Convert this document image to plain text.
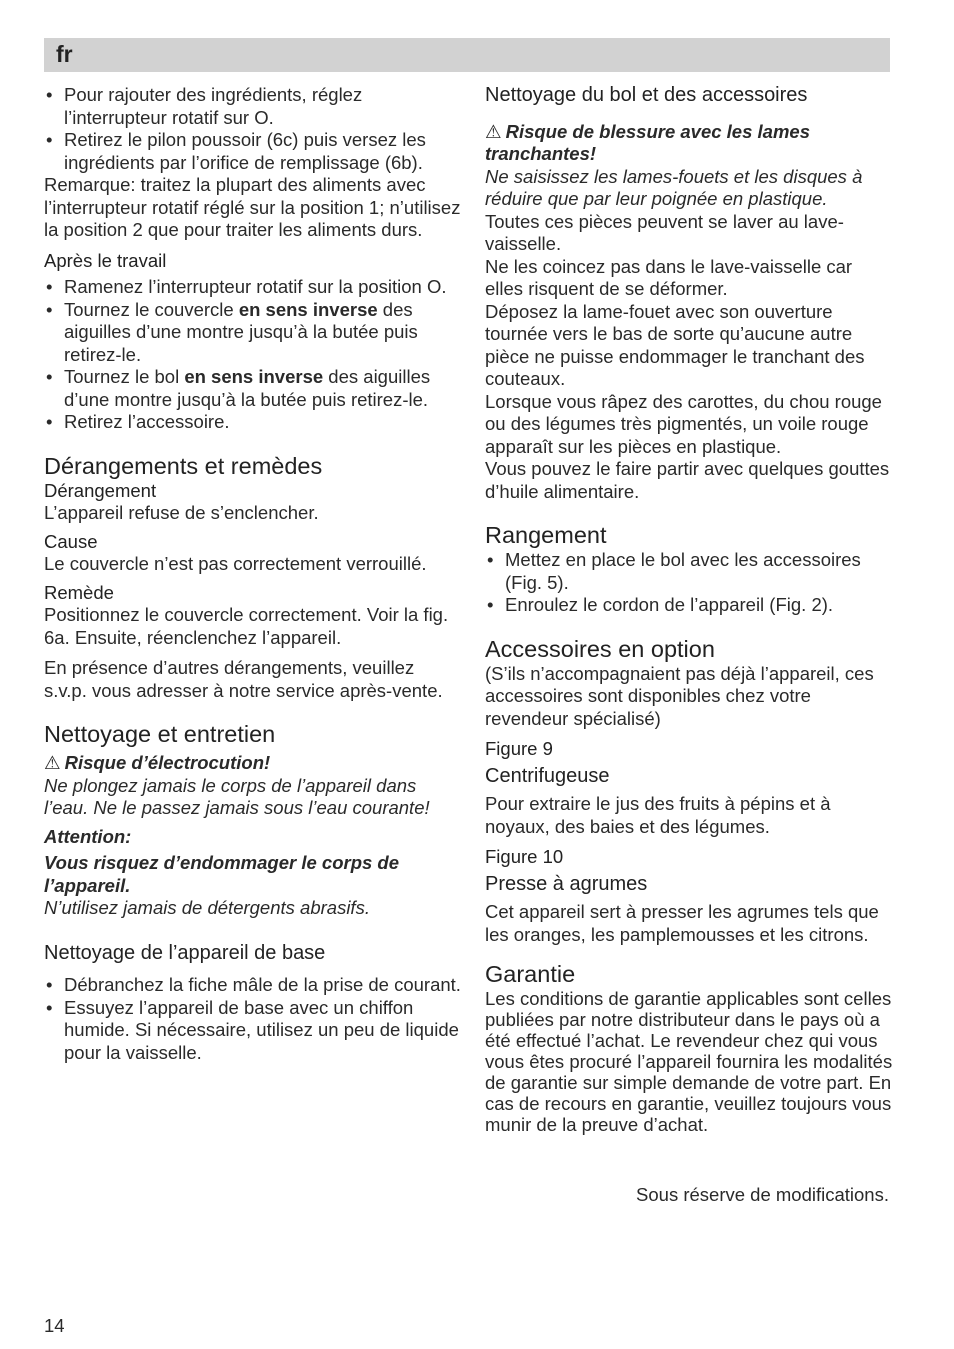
fr
• Pour rajouter des ingrédients, réglez l’interrupteur rotatif sur O.
• Retirez le pilon poussoir (6c) puis versez les ingrédients par l’orifice de remplissage (6b).

Remarque: traitez la plupart des aliments avec l’interrupteur rotatif réglé sur la position 1; n’utilisez la position 2 que pour traiter les aliments durs.

Après le travail

• Ramenez l’interrupteur rotatif sur la position O.
• Tournez le couvercle en sens inverse des aiguilles d’une montre jusqu’à la butée puis retirez-le.
• Tournez le bol en sens inverse des aiguilles d’une montre jusqu’à la butée puis retirez-le.
• Retirez l’accessoire.

Dérangements et remèdes

Dérangement

L’appareil refuse de s’enclencher.

Cause

Le couvercle n’est pas correctement verrouillé.

Remède

Positionnez le couvercle correctement. Voir la fig. 6a. Ensuite, réenclenchez l’appareil.

En présence d’autres dérangements, veuillez s.v.p. vous adresser à notre service après-vente.

Nettoyage et entretien

⚠ Risque d’électrocution!

Ne plongez jamais le corps de l’appareil dans l’eau. Ne le passez jamais sous l’eau courante!

Attention:

Vous risquez d’endommager le corps de l’appareil.

N’utilisez jamais de détergents abrasifs.

Nettoyage de l’appareil de base

• Débranchez la fiche mâle de la prise de courant.
• Essuyez l’appareil de base avec un chiffon humide. Si nécessaire, utilisez un peu de liquide pour la vaisselle.

Nettoyage du bol et des accessoires

⚠ Risque de blessure avec les lames tranchantes!

Ne saisissez les lames-fouets et les disques à réduire que par leur poignée en plastique.

Toutes ces pièces peuvent se laver au lave-vaisselle.

Ne les coincez pas dans le lave-vaisselle car elles risquent de se déformer.

Déposez la lame-fouet avec son ouverture tournée vers le bas de sorte qu’aucune autre pièce ne puisse endommager le tranchant des couteaux.

Lorsque vous râpez des carottes, du chou rouge ou des légumes très pigmentés, un voile rouge apparaît sur les pièces en plastique.

Vous pouvez le faire partir avec quelques gouttes d’huile alimentaire.

Rangement

• Mettez en place le bol avec les accessoires (Fig. 5).
• Enroulez le cordon de l’appareil (Fig. 2).

Accessoires en option

(S’ils n’accompagnaient pas déjà l’appareil, ces accessoires sont disponibles chez votre revendeur spécialisé)

Figure 9

Centrifugeuse

Pour extraire le jus des fruits à pépins et à noyaux, des baies et des légumes.

Figure 10

Presse à agrumes

Cet appareil sert à presser les agrumes tels que les oranges, les pamplemousses et les citrons.

Garantie

Les conditions de garantie applicables sont celles publiées par notre distributeur dans le pays où a été effectué l’achat. Le revendeur chez qui vous vous êtes procuré l’appareil fournira les modalités de garantie sur simple demande de votre part. En cas de recours en garantie, veuillez toujours vous munir de la preuve d’achat.

Sous réserve de modifications.
14
